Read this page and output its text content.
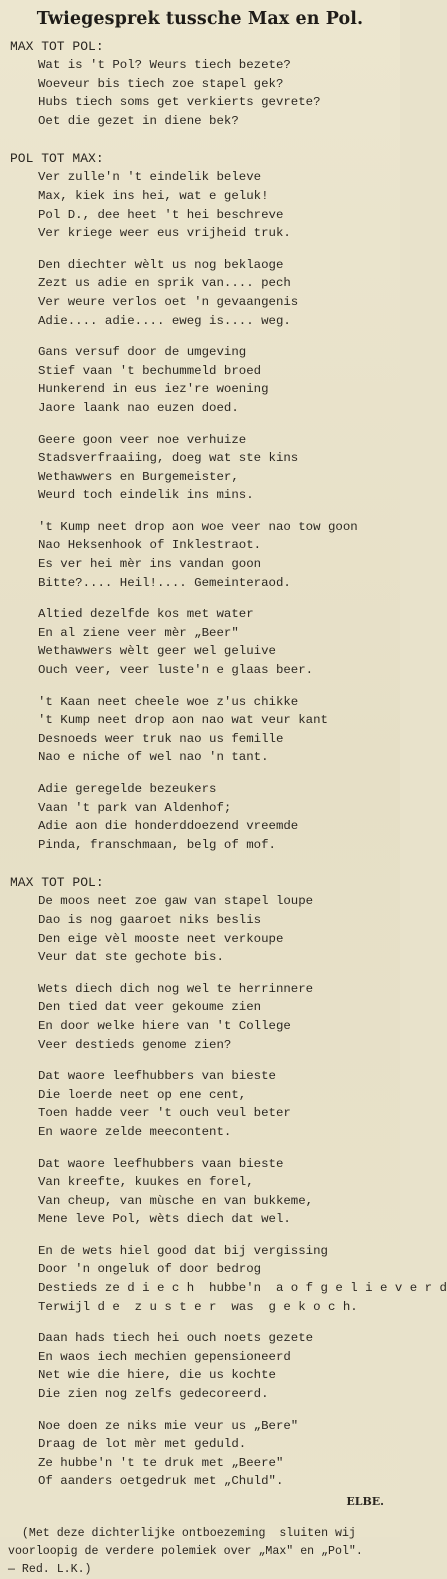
Twiegesprek tussche Max en Pol.
MAX TOT POL:
Wat is 't Pol? Weurs tiech bezete?
Woeveur bis tiech zoe stapel gek?
Hubs tiech soms get verkierts gevrete?
Oet die gezet in diene bek?
POL TOT MAX:
Ver zulle'n 't eindelik beleve
Max, kiek ins hei, wat e geluk!
Pol D., dee heet 't hei beschreve
Ver kriege weer eus vrijheid truk.
Den diechter wèlt us nog beklaoge
Zezt us adie en sprik van.... pech
Ver weure verlos oet 'n gevaangenis
Adie.... adie.... eweg is.... weg.
Gans versuf door de umgeving
Stief vaan 't bechummeld broed
Hunkerend in eus iez're woening
Jaore laank nao euzen doed.
Geere goon veer noe verhuize
Stadsverfraaiing, doeg wat ste kins
Wethawwers en Burgemeister,
Weurd toch eindelik ins mins.
't Kump neet drop aon woe veer nao tow goon
Nao Heksenhook of Inklestraot.
Es ver hei mèr ins vandan goon
Bitte?.... Heil!.... Gemeinteraod.
Altied dezelfde kos met water
En al ziene veer mèr „Beer"
Wethawwers wèlt geer wel geluive
Ouch veer, veer luste'n e glaas beer.
't Kaan neet cheele woe z'us chikke
't Kump neet drop aon nao wat veur kant
Desnoeds weer truk nao us femille
Nao e niche of wel nao 'n tant.
Adie geregelde bezeukers
Vaan 't park van Aldenhof;
Adie aon die honderddoezend vreemde
Pinda, franschmaan, belg of mof.
MAX TOT POL:
De moos neet zoe gaw van stapel loupe
Dao is nog gaaroet niks beslis
Den eige vèl mooste neet verkoupe
Veur dat ste gechote bis.
Wets diech dich nog wel te herrinnere
Den tied dat veer gekoume zien
En door welke hiere van 't College
Veer destieds genome zien?
Dat waore leefhubbers van bieste
Die loerde neet op ene cent,
Toen hadde veer 't ouch veul beter
En waore zelde meecontent.
Dat waore leefhubbers vaan bieste
Van kreefte, kuukes en forel,
Van cheup, van mùsche en van bukkeme,
Mene leve Pol, wèts diech dat wel.
En de wets hiel good dat bij vergissing
Door 'n ongeluk of door bedrog
Destieds ze d i e c h  hubbe'n  a o f g e l i e v e r d
Terwijl d e  z u s t e r  was  g e k o c h.
Daan hads tiech hei ouch noets gezete
En waos iech mechien gepensioneerd
Net wie die hiere, die us kochte
Die zien nog zelfs gedecoreerd.
Noe doen ze niks mie veur us „Bere"
Draag de lot mèr met geduld.
Ze hubbe'n 't te druk met „Beere"
Of aanders oetgedruk met „Chuld".
ELBE.
(Met deze dichterlijke ontboezeming  sluiten wij
voorloopig de verdere polemiek over „Max" en „Pol".
— Red. L.K.)
